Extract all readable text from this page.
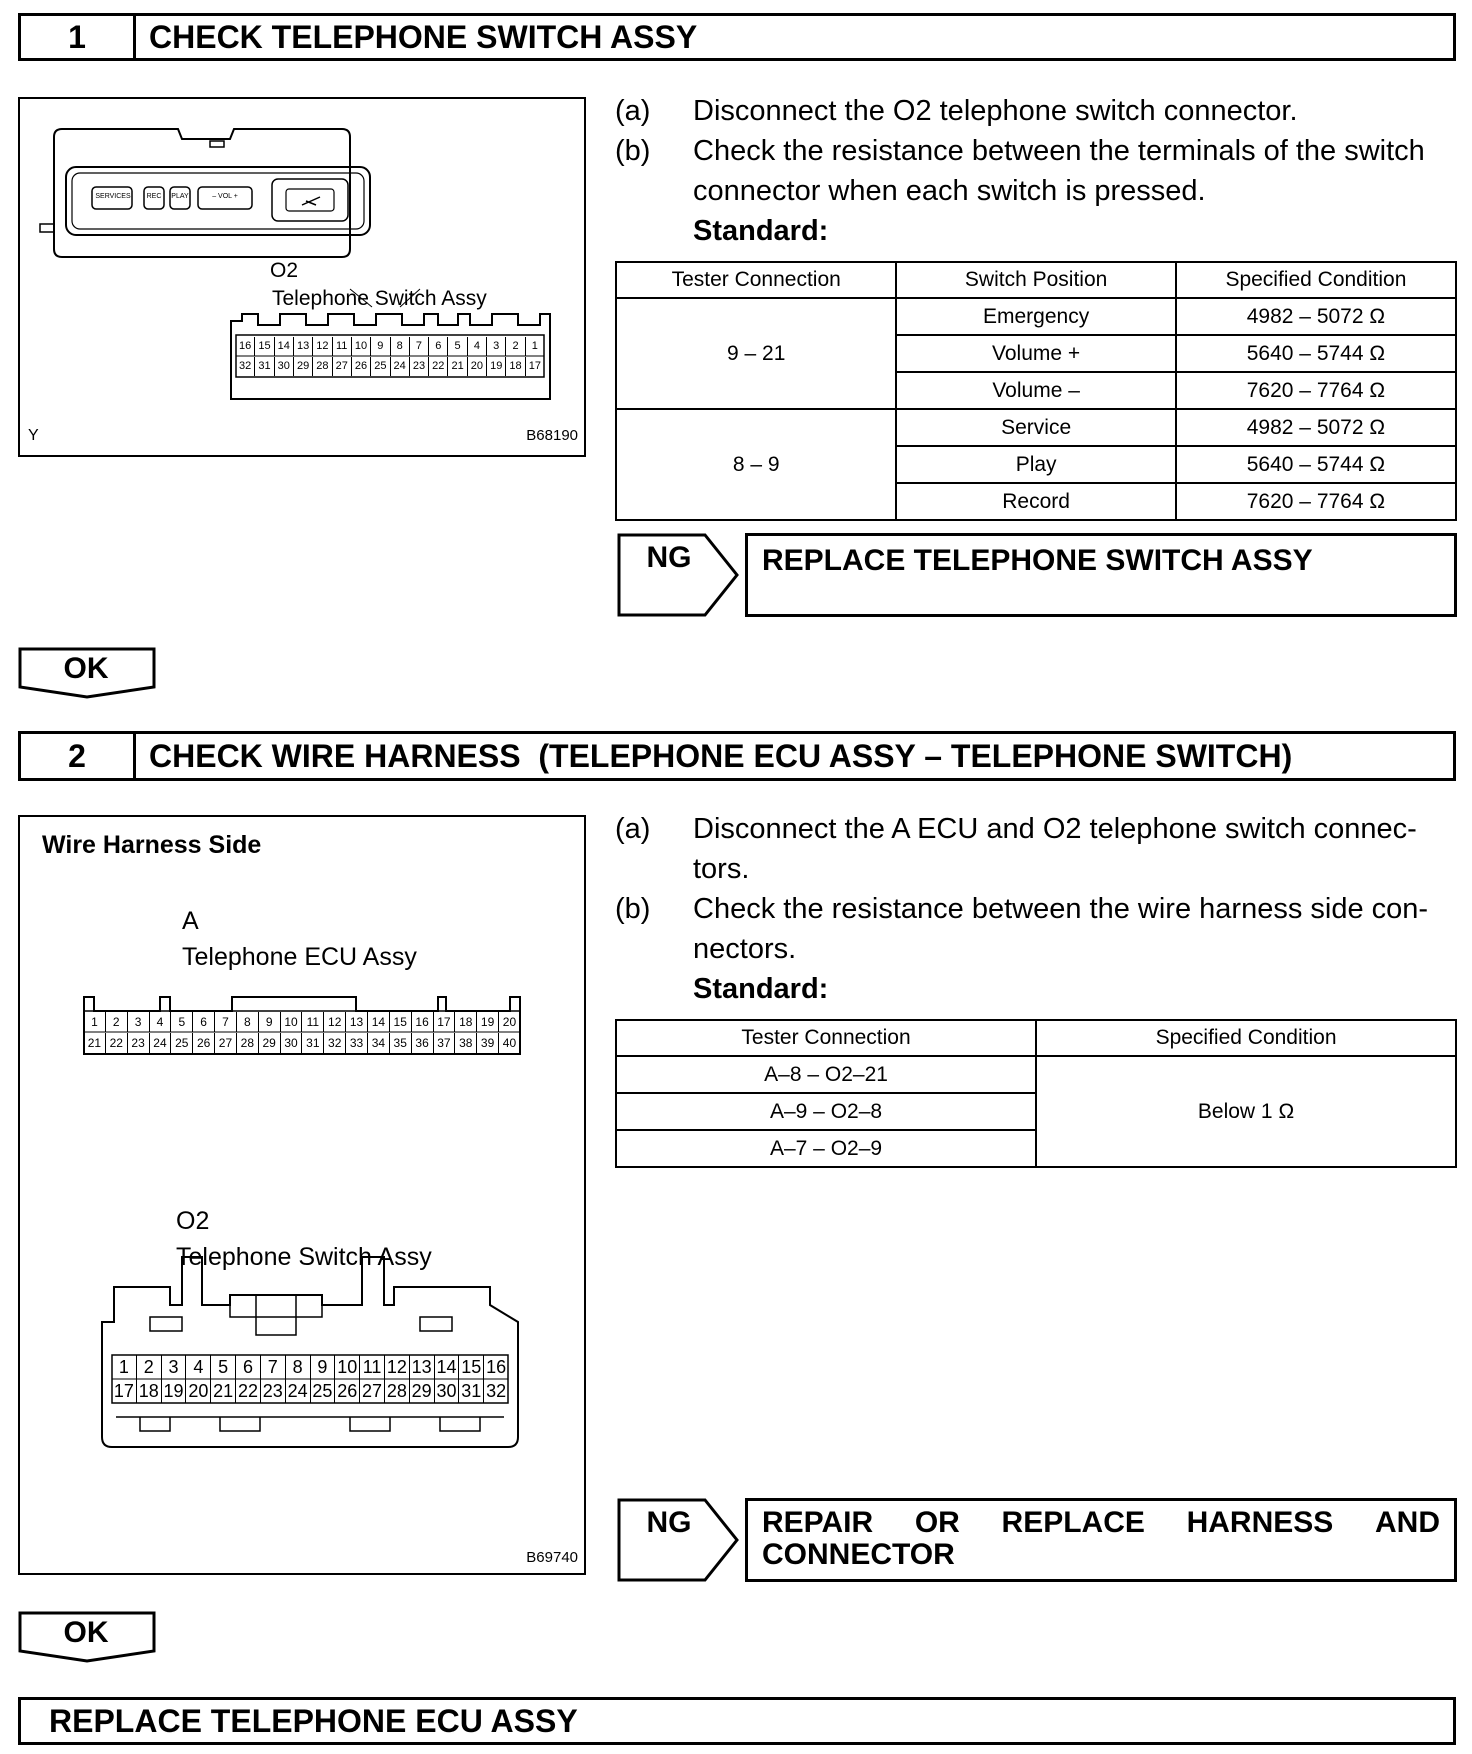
1	CHECK TELEPHONE SWITCH ASSY
SERVICES	REC	PLAY	– VOL +
O2
Telephone Switch Assy
16 15 14 13 12 11 10 9	8	7	6	5	4	3	2	1
32 31 30 29 28 27 26 25 24 23 22 21 20 19 18 17
Y	B68190
(a) Disconnect the O2 telephone switch connector.
(b) Check the resistance between the terminals of the switch
connector when each switch is pressed.
Standard:
Tester Connection	Switch Position	Specified Condition
9 – 21	Emergency	4982 – 5072 Ω
	Volume +	5640 – 5744 Ω
	Volume –	7620 – 7764 Ω
8 – 9	Service	4982 – 5072 Ω
	Play	5640 – 5744 Ω
	Record	7620 – 7764 Ω
NG	REPLACE TELEPHONE SWITCH ASSY
OK
2	CHECK WIRE HARNESS  (TELEPHONE ECU ASSY – TELEPHONE SWITCH)
Wire Harness Side
A
Telephone ECU Assy
1	2	3	4	5	6	7	8	9 10 11 12 13 14 15 16 17 18 19 20
21 22 23 24 25 26 27 28 29 30 31 32 33 34 35 36 37 38 39 40
O2
Telephone Switch Assy
1 2 3 4 5 6 7 8 9 10 11 12 13 14 15 16
17 18 19 20 21 22 23 24 25 26 27 28 29 30 31 32
B69740
(a) Disconnect the A ECU and O2 telephone switch connec-
tors.
(b) Check the resistance between the wire harness side con-
nectors.
Standard:
Tester Connection	Specified Condition
A–8 – O2–21	Below 1 Ω
A–9 – O2–8	
A–7 – O2–9	
NG	REPAIR OR REPLACE HARNESS AND
CONNECTOR
OK
REPLACE TELEPHONE ECU ASSY
